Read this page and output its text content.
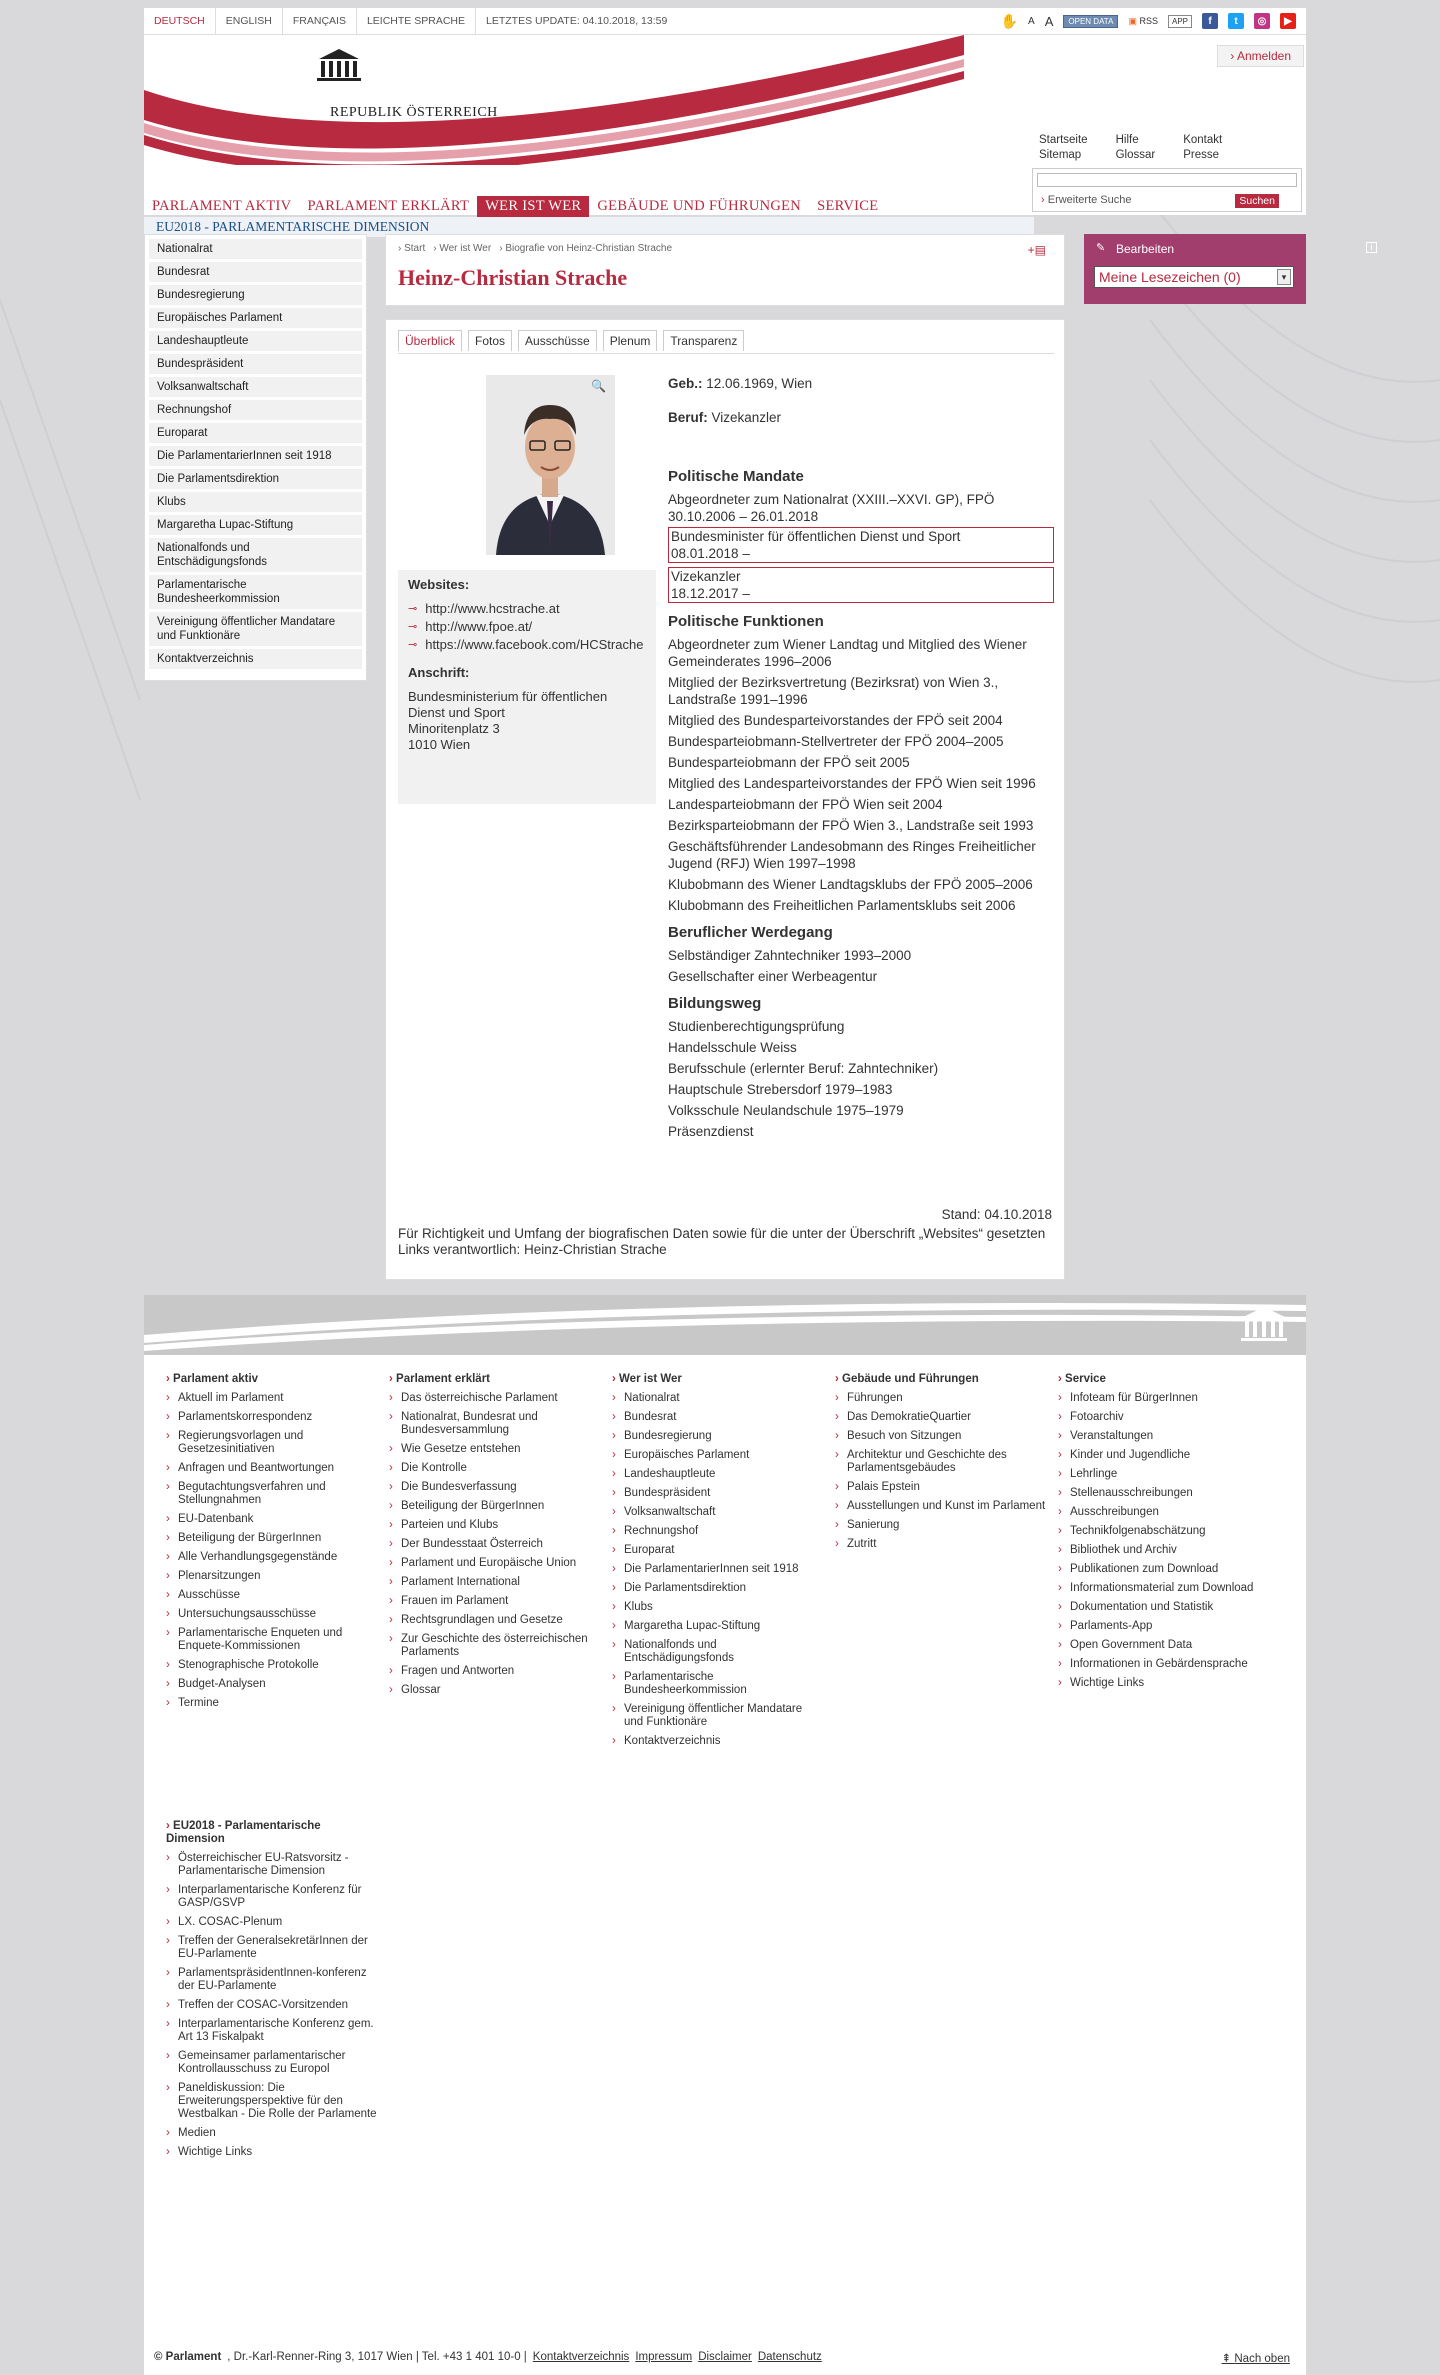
DEUTSCH	ENGLISH	FRANÇAIS	LEICHTE SPRACHE	LETZTES UPDATE: 04.10.2018, 13:59	✋ A A	OPEN DATA	▣ RSS	APP	f	t	◎	▶
REPUBLIK ÖSTERREICH
Parlament
› Anmelden
Startseite
Sitemap
Hilfe
Glossar
Kontakt
Presse
› Erweiterte Suche	Suchen
PARLAMENT AKTIV	PARLAMENT ERKLÄRT	WER IST WER	GEBÄUDE UND FÜHRUNGEN	SERVICE
EU2018 - PARLAMENTARISCHE DIMENSION
Nationalrat
Bundesrat
Bundesregierung
Europäisches Parlament
Landeshauptleute
Bundespräsident
Volksanwaltschaft
Rechnungshof
Europarat
Die ParlamentarierInnen seit 1918
Die Parlamentsdirektion
Klubs
Margaretha Lupac-Stiftung
Nationalfonds und Entschädigungsfonds
Parlamentarische Bundesheerkommission
Vereinigung öffentlicher Mandatare und Funktionäre
Kontaktverzeichnis
› Start	› Wer ist Wer	› Biografie von Heinz-Christian Strache
Heinz-Christian Strache
+▤	✎ Bearbeiten	i
Meine Lesezeichen (0)	▾
Überblick	Fotos	Ausschüsse	Plenum	Transparenz
🔍
Websites:
⊸ http://www.hcstrache.at
⊸ http://www.fpoe.at/
⊸ https://www.facebook.com/HCStrache
Anschrift:
Bundesministerium für öffentlichen Dienst und Sport
Minoritenplatz 3
1010 Wien
Geb.: 12.06.1969, Wien
Beruf: Vizekanzler
Politische Mandate

Abgeordneter zum Nationalrat (XXIII.–XXVI. GP), FPÖ

30.10.2006 – 26.01.2018

Bundesminister für öffentlichen Dienst und Sport

08.01.2018 –

Vizekanzler

18.12.2017 –

Politische Funktionen

Abgeordneter zum Wiener Landtag und Mitglied des Wiener Gemeinderates 1996–2006

Mitglied der Bezirksvertretung (Bezirksrat) von Wien 3., Landstraße 1991–1996

Mitglied des Bundesparteivorstandes der FPÖ seit 2004

Bundesparteiobmann-Stellvertreter der FPÖ 2004–2005

Bundesparteiobmann der FPÖ seit 2005

Mitglied des Landesparteivorstandes der FPÖ Wien seit 1996

Landesparteiobmann der FPÖ Wien seit 2004

Bezirksparteiobmann der FPÖ Wien 3., Landstraße seit 1993

Geschäftsführender Landesobmann des Ringes Freiheitlicher Jugend (RFJ) Wien 1997–1998

Klubobmann des Wiener Landtagsklubs der FPÖ 2005–2006

Klubobmann des Freiheitlichen Parlamentsklubs seit 2006

Beruflicher Werdegang

Selbständiger Zahntechniker 1993–2000

Gesellschafter einer Werbeagentur

Bildungsweg

Studienberechtigungsprüfung

Handelsschule Weiss

Berufsschule (erlernter Beruf: Zahntechniker)

Hauptschule Strebersdorf 1979–1983

Volksschule Neulandschule 1975–1979

Präsenzdienst

Stand: 04.10.2018
Für Richtigkeit und Umfang der biografischen Daten sowie für die unter der Überschrift „Websites“ gesetzten Links verantwortlich: Heinz-Christian Strache
› Parlament aktiv
› Aktuell im Parlament
› Parlamentskorrespondenz
› Regierungsvorlagen und Gesetzesinitiativen
› Anfragen und Beantwortungen
› Begutachtungsverfahren und Stellungnahmen
› EU-Datenbank
› Beteiligung der BürgerInnen
› Alle Verhandlungsgegenstände
› Plenarsitzungen
› Ausschüsse
› Untersuchungsausschüsse
› Parlamentarische Enqueten und Enquete-Kommissionen
› Stenographische Protokolle
› Budget-Analysen
› Termine
› Parlament erklärt
› Das österreichische Parlament
› Nationalrat, Bundesrat und Bundesversammlung
› Wie Gesetze entstehen
› Die Kontrolle
› Die Bundesverfassung
› Beteiligung der BürgerInnen
› Parteien und Klubs
› Der Bundesstaat Österreich
› Parlament und Europäische Union
› Parlament International
› Frauen im Parlament
› Rechtsgrundlagen und Gesetze
› Zur Geschichte des österreichischen Parlaments
› Fragen und Antworten
› Glossar
› Wer ist Wer
› Nationalrat
› Bundesrat
› Bundesregierung
› Europäisches Parlament
› Landeshauptleute
› Bundespräsident
› Volksanwaltschaft
› Rechnungshof
› Europarat
› Die ParlamentarierInnen seit 1918
› Die Parlamentsdirektion
› Klubs
› Margaretha Lupac-Stiftung
› Nationalfonds und Entschädigungsfonds
› Parlamentarische Bundesheerkommission
› Vereinigung öffentlicher Mandatare und Funktionäre
› Kontaktverzeichnis
› Gebäude und Führungen
› Führungen
› Das DemokratieQuartier
› Besuch von Sitzungen
› Architektur und Geschichte des Parlamentsgebäudes
› Palais Epstein
› Ausstellungen und Kunst im Parlament
› Sanierung
› Zutritt
› Service
› Infoteam für BürgerInnen
› Fotoarchiv
› Veranstaltungen
› Kinder und Jugendliche
› Lehrlinge
› Stellenausschreibungen
› Ausschreibungen
› Technikfolgenabschätzung
› Bibliothek und Archiv
› Publikationen zum Download
› Informationsmaterial zum Download
› Dokumentation und Statistik
› Parlaments-App
› Open Government Data
› Informationen in Gebärdensprache
› Wichtige Links
› EU2018 - Parlamentarische Dimension
› Österreichischer EU-Ratsvorsitz - Parlamentarische Dimension
› Interparlamentarische Konferenz für GASP/GSVP
› LX. COSAC-Plenum
› Treffen der GeneralsekretärInnen der EU-Parlamente
› ParlamentspräsidentInnen-konferenz der EU-Parlamente
› Treffen der COSAC-Vorsitzenden
› Interparlamentarische Konferenz gem. Art 13 Fiskalpakt
› Gemeinsamer parlamentarischer Kontrollausschuss zu Europol
› Paneldiskussion: Die Erweiterungsperspektive für den Westbalkan - Die Rolle der Parlamente
› Medien
› Wichtige Links
© Parlament , Dr.-Karl-Renner-Ring 3, 1017 Wien | Tel. +43 1 401 10-0 | Kontaktverzeichnis Impressum Disclaimer Datenschutz	⇞ Nach oben
